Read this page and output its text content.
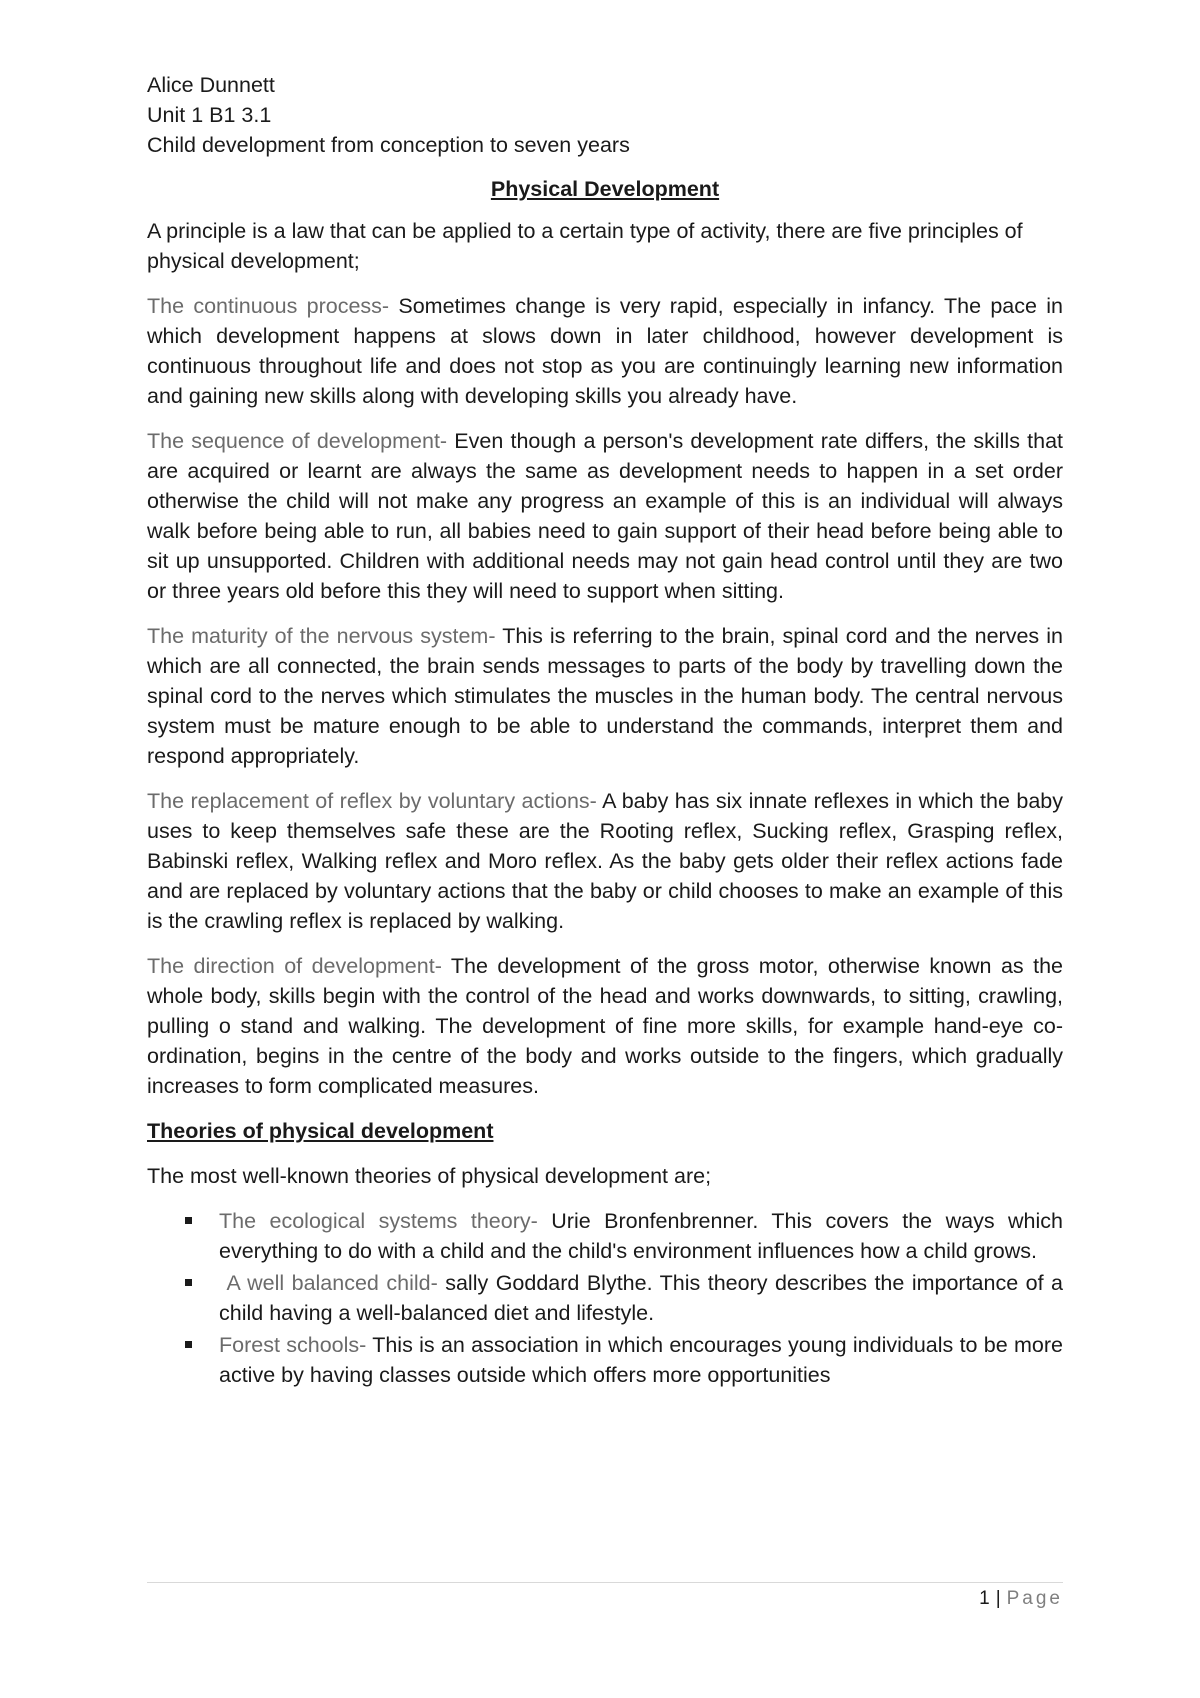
Alice Dunnett

Unit 1 B1 3.1

Child development from conception to seven years

Physical Development

A principle is a law that can be applied to a certain type of activity, there are five principles of physical development;

The continuous process- Sometimes change is very rapid, especially in infancy. The pace in which development happens at slows down in later childhood, however development is continuous throughout life and does not stop as you are continuingly learning new information and gaining new skills along with developing skills you already have.

The sequence of development- Even though a person's development rate differs, the skills that are acquired or learnt are always the same as development needs to happen in a set order otherwise the child will not make any progress an example of this is an individual will always walk before being able to run, all babies need to gain support of their head before being able to sit up unsupported. Children with additional needs may not gain head control until they are two or three years old before this they will need to support when sitting.

The maturity of the nervous system- This is referring to the brain, spinal cord and the nerves in which are all connected, the brain sends messages to parts of the body by travelling down the spinal cord to the nerves which stimulates the muscles in the human body. The central nervous system must be mature enough to be able to understand the commands, interpret them and respond appropriately.

The replacement of reflex by voluntary actions- A baby has six innate reflexes in which the baby uses to keep themselves safe these are the Rooting reflex, Sucking reflex, Grasping reflex, Babinski reflex, Walking reflex and Moro reflex. As the baby gets older their reflex actions fade and are replaced by voluntary actions that the baby or child chooses to make an example of this is the crawling reflex is replaced by walking.

The direction of development- The development of the gross motor, otherwise known as the whole body, skills begin with the control of the head and works downwards, to sitting, crawling, pulling o stand and walking. The development of fine more skills, for example hand-eye co-ordination, begins in the centre of the body and works outside to the fingers, which gradually increases to form complicated measures.

Theories of physical development

The most well-known theories of physical development are;

The ecological systems theory- Urie Bronfenbrenner. This covers the ways which everything to do with a child and the child's environment influences how a child grows.
A well balanced child- sally Goddard Blythe. This theory describes the importance of a child having a well-balanced diet and lifestyle.
Forest schools- This is an association in which encourages young individuals to be more active by having classes outside which offers more opportunities
1 | Page
